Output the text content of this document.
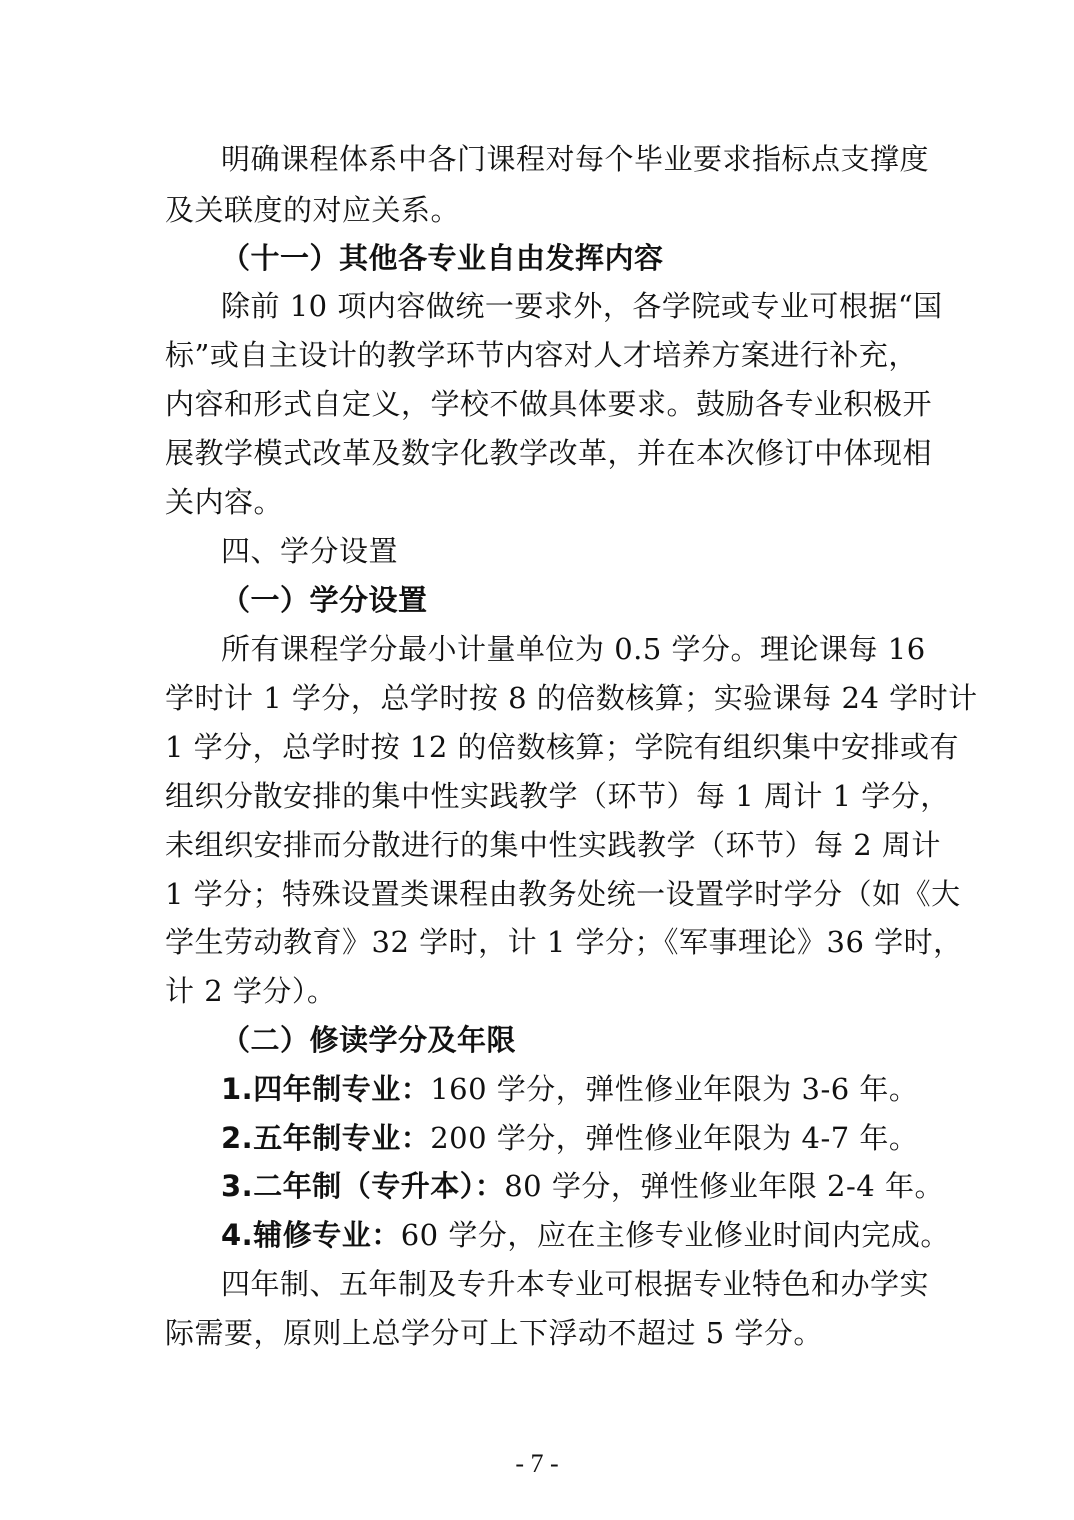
明确课程体系中各门课程对每个毕业要求指标点支撑度
及关联度的对应关系。
（十一）其他各专业自由发挥内容
除前 10 项内容做统一要求外，各学院或专业可根据“国
标”或自主设计的教学环节内容对人才培养方案进行补充，
内容和形式自定义，学校不做具体要求。鼓励各专业积极开
展教学模式改革及数字化教学改革，并在本次修订中体现相
关内容。
四、学分设置
（一）学分设置
所有课程学分最小计量单位为 0.5 学分。理论课每 16
学时计 1 学分，总学时按 8 的倍数核算；实验课每 24 学时计
1 学分，总学时按 12 的倍数核算；学院有组织集中安排或有
组织分散安排的集中性实践教学（环节）每 1 周计 1 学分，
未组织安排而分散进行的集中性实践教学（环节）每 2 周计
1 学分；特殊设置类课程由教务处统一设置学时学分（如《大
学生劳动教育》32 学时，计 1 学分；《军事理论》36 学时，
计 2 学分）。
（二）修读学分及年限
1.四年制专业：160 学分，弹性修业年限为 3-6 年。
2.五年制专业：200 学分，弹性修业年限为 4-7 年。
3.二年制（专升本）：80 学分，弹性修业年限 2-4 年。
4.辅修专业：60 学分，应在主修专业修业时间内完成。
四年制、五年制及专升本专业可根据专业特色和办学实
际需要，原则上总学分可上下浮动不超过 5 学分。
- 7 -
